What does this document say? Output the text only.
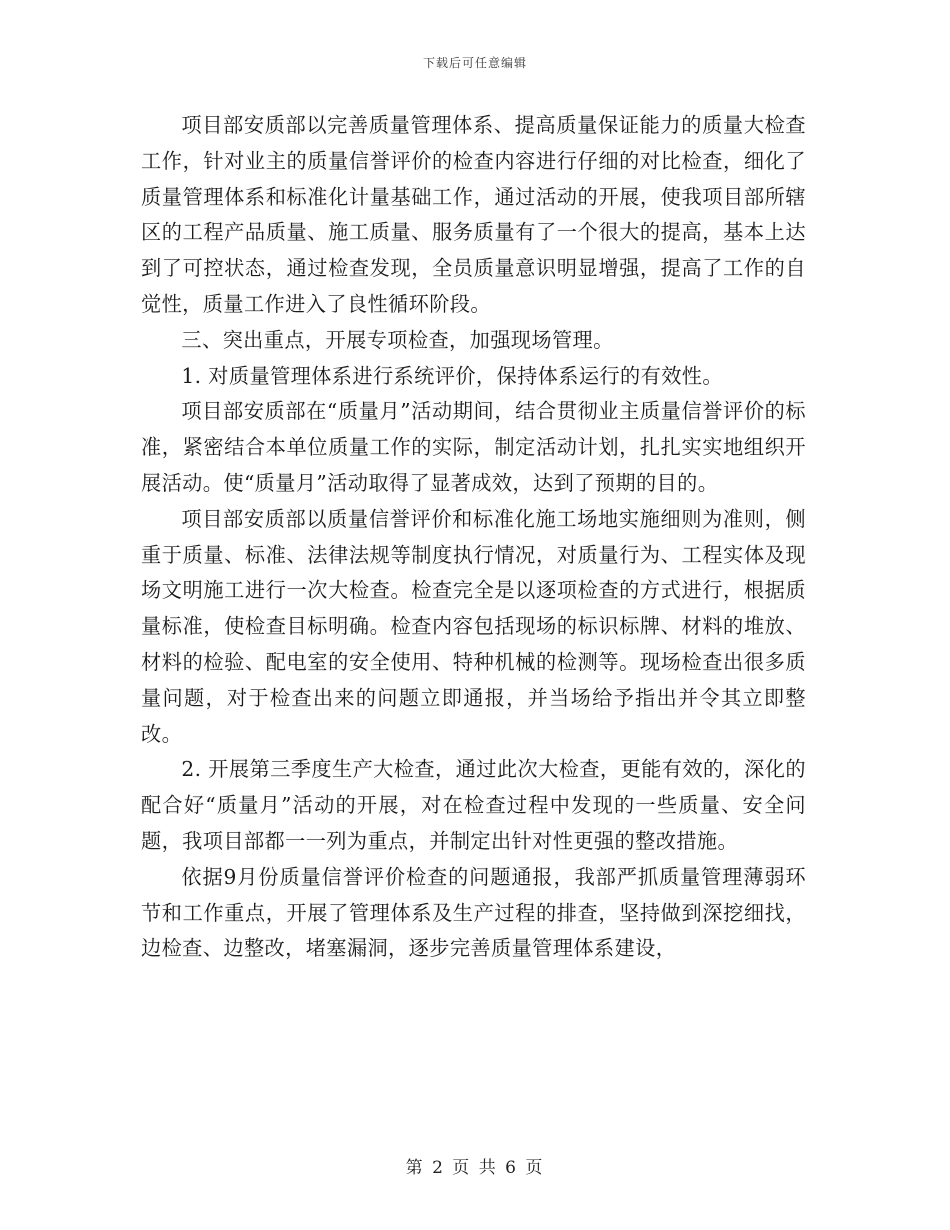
下载后可任意编辑

项目部安质部以完善质量管理体系、提高质量保证能力的质量大检查工作，针对业主的质量信誉评价的检查内容进行仔细的对比检查，细化了质量管理体系和标准化计量基础工作，通过活动的开展，使我项目部所辖区的工程产品质量、施工质量、服务质量有了一个很大的提高，基本上达到了可控状态，通过检查发现，全员质量意识明显增强，提高了工作的自觉性，质量工作进入了良性循环阶段。

三、突出重点，开展专项检查，加强现场管理。

1. 对质量管理体系进行系统评价，保持体系运行的有效性。

项目部安质部在“质量月”活动期间，结合贯彻业主质量信誉评价的标准，紧密结合本单位质量工作的实际，制定活动计划，扎扎实实地组织开展活动。使“质量月”活动取得了显著成效，达到了预期的目的。

项目部安质部以质量信誉评价和标准化施工场地实施细则为准则，侧重于质量、标准、法律法规等制度执行情况，对质量行为、工程实体及现场文明施工进行一次大检查。检查完全是以逐项检查的方式进行，根据质量标准，使检查目标明确。检查内容包括现场的标识标牌、材料的堆放、材料的检验、配电室的安全使用、特种机械的检测等。现场检查出很多质量问题，对于检查出来的问题立即通报，并当场给予指出并令其立即整改。

2. 开展第三季度生产大检查，通过此次大检查，更能有效的，深化的配合好“质量月”活动的开展，对在检查过程中发现的一些质量、安全问题，我项目部都一一列为重点，并制定出针对性更强的整改措施。

依据9月份质量信誉评价检查的问题通报，我部严抓质量管理薄弱环节和工作重点，开展了管理体系及生产过程的排查，坚持做到深挖细找，边检查、边整改，堵塞漏洞，逐步完善质量管理体系建设，

第 2 页 共 6 页
